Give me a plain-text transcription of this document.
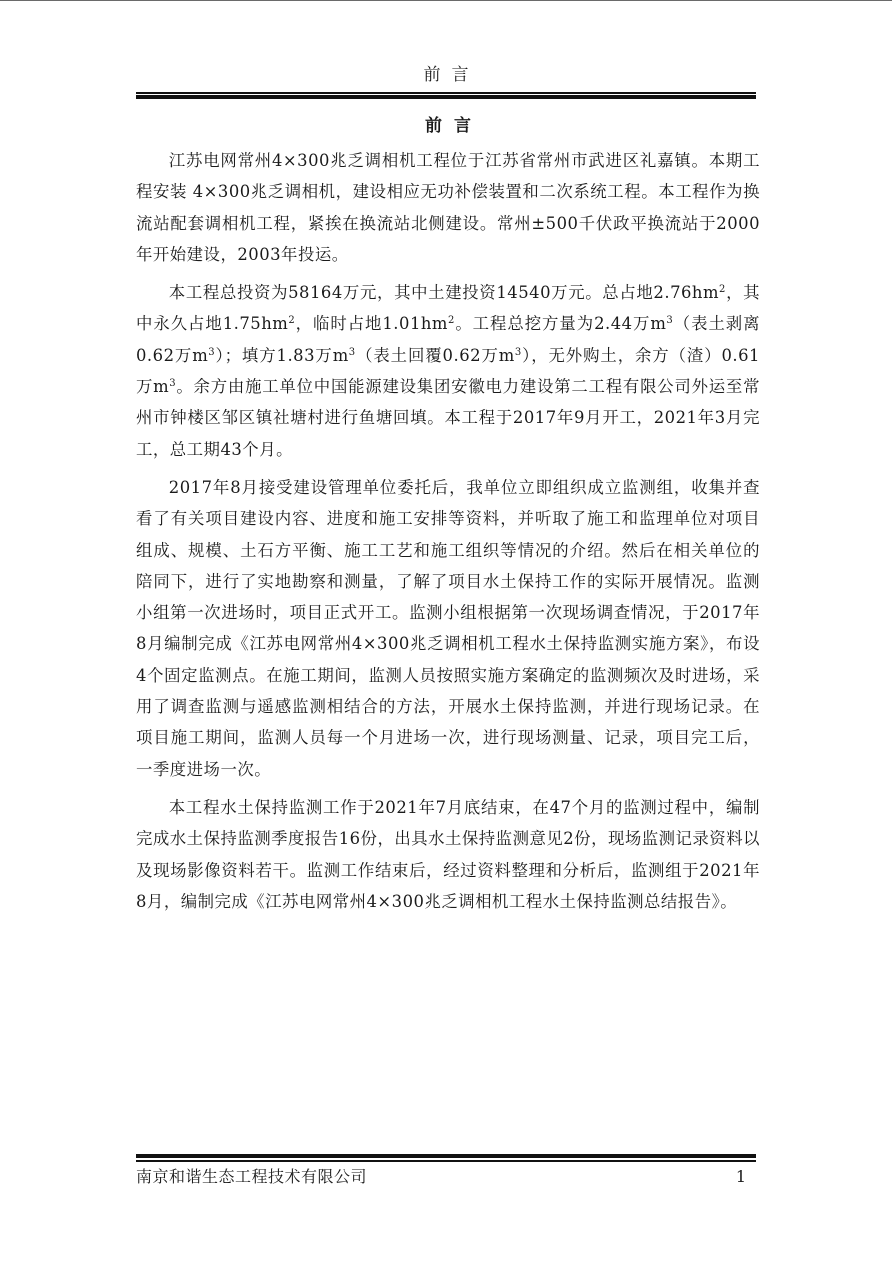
前言
前言

江苏电网常州4×300兆乏调相机工程位于江苏省常州市武进区礼嘉镇。本期工程安装 4×300兆乏调相机，建设相应无功补偿装置和二次系统工程。本工程作为换流站配套调相机工程，紧挨在换流站北侧建设。常州±500千伏政平换流站于2000年开始建设，2003年投运。

本工程总投资为58164万元，其中土建投资14540万元。总占地$2.76hm^2$，其中永久占地$1.75hm^2$，临时占地$1.01hm^2$。工程总挖方量为2.44万$m^3$（表土剥离0.62万$m^3$）；填方1.83万$m^3$（表土回覆0.62万$m^3$），无外购土，余方（渣）0.61万$m^3$。余方由施工单位中国能源建设集团安徽电力建设第二工程有限公司外运至常州市钟楼区邹区镇社塘村进行鱼塘回填。本工程于2017年9月开工，2021年3月完工，总工期43个月。

2017年8月接受建设管理单位委托后，我单位立即组织成立监测组，收集并查看了有关项目建设内容、进度和施工安排等资料，并听取了施工和监理单位对项目组成、规模、土石方平衡、施工工艺和施工组织等情况的介绍。然后在相关单位的陪同下，进行了实地勘察和测量，了解了项目水土保持工作的实际开展情况。监测小组第一次进场时，项目正式开工。监测小组根据第一次现场调查情况，于2017年8月编制完成《江苏电网常州4×300兆乏调相机工程水土保持监测实施方案》，布设4个固定监测点。在施工期间，监测人员按照实施方案确定的监测频次及时进场，采用了调查监测与遥感监测相结合的方法，开展水土保持监测，并进行现场记录。在项目施工期间，监测人员每一个月进场一次，进行现场测量、记录，项目完工后，一季度进场一次。

本工程水土保持监测工作于2021年7月底结束，在47个月的监测过程中，编制完成水土保持监测季度报告16份，出具水土保持监测意见2份，现场监测记录资料以及现场影像资料若干。监测工作结束后，经过资料整理和分析后，监测组于2021年8月，编制完成《江苏电网常州4×300兆乏调相机工程水土保持监测总结报告》。

南京和谐生态工程技术有限公司	1
